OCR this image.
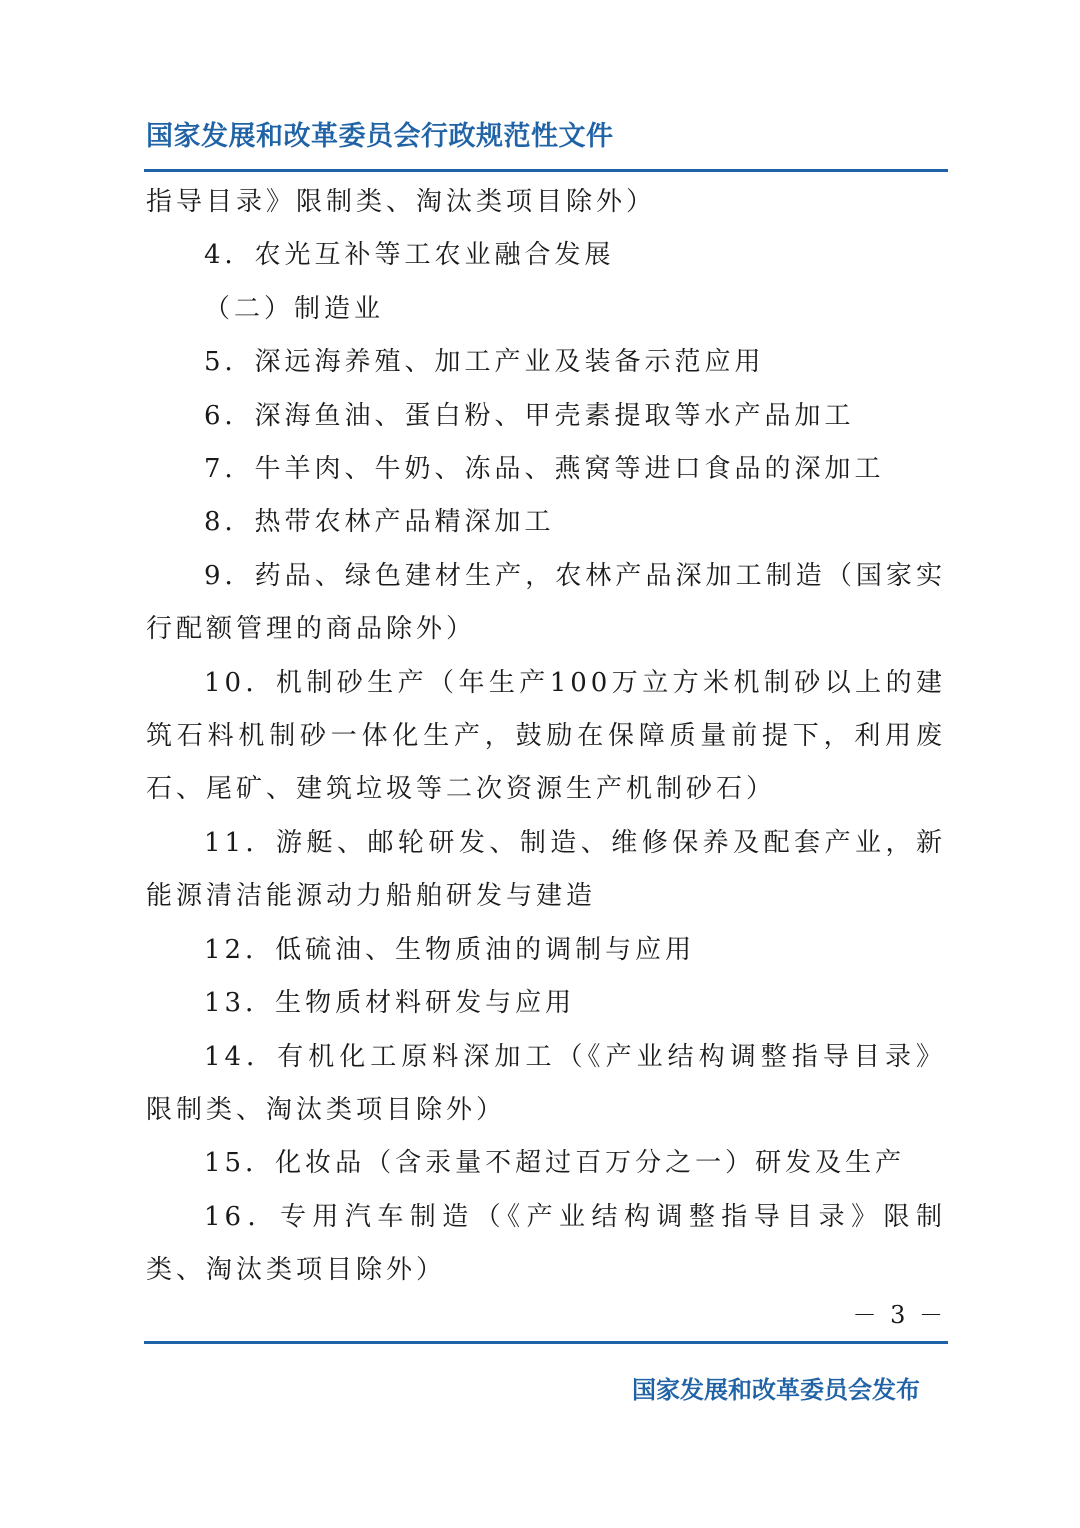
国家发展和改革委员会行政规范性文件

指导目录》限制类、淘汰类项目除外）

4．农光互补等工农业融合发展

（二）制造业

5．深远海养殖、加工产业及装备示范应用

6．深海鱼油、蛋白粉、甲壳素提取等水产品加工

7．牛羊肉、牛奶、冻品、燕窝等进口食品的深加工

8．热带农林产品精深加工

9．药品、绿色建材生产，农林产品深加工制造（国家实行配额管理的商品除外）

10．机制砂生产（年生产100万立方米机制砂以上的建筑石料机制砂一体化生产，鼓励在保障质量前提下，利用废石、尾矿、建筑垃圾等二次资源生产机制砂石）

11．游艇、邮轮研发、制造、维修保养及配套产业，新能源清洁能源动力船舶研发与建造

12．低硫油、生物质油的调制与应用

13．生物质材料研发与应用

14．有机化工原料深加工（《产业结构调整指导目录》限制类、淘汰类项目除外）

15．化妆品（含汞量不超过百万分之一）研发及生产

16．专用汽车制造（《产业结构调整指导目录》限制类、淘汰类项目除外）

－ 3 －
国家发展和改革委员会发布
